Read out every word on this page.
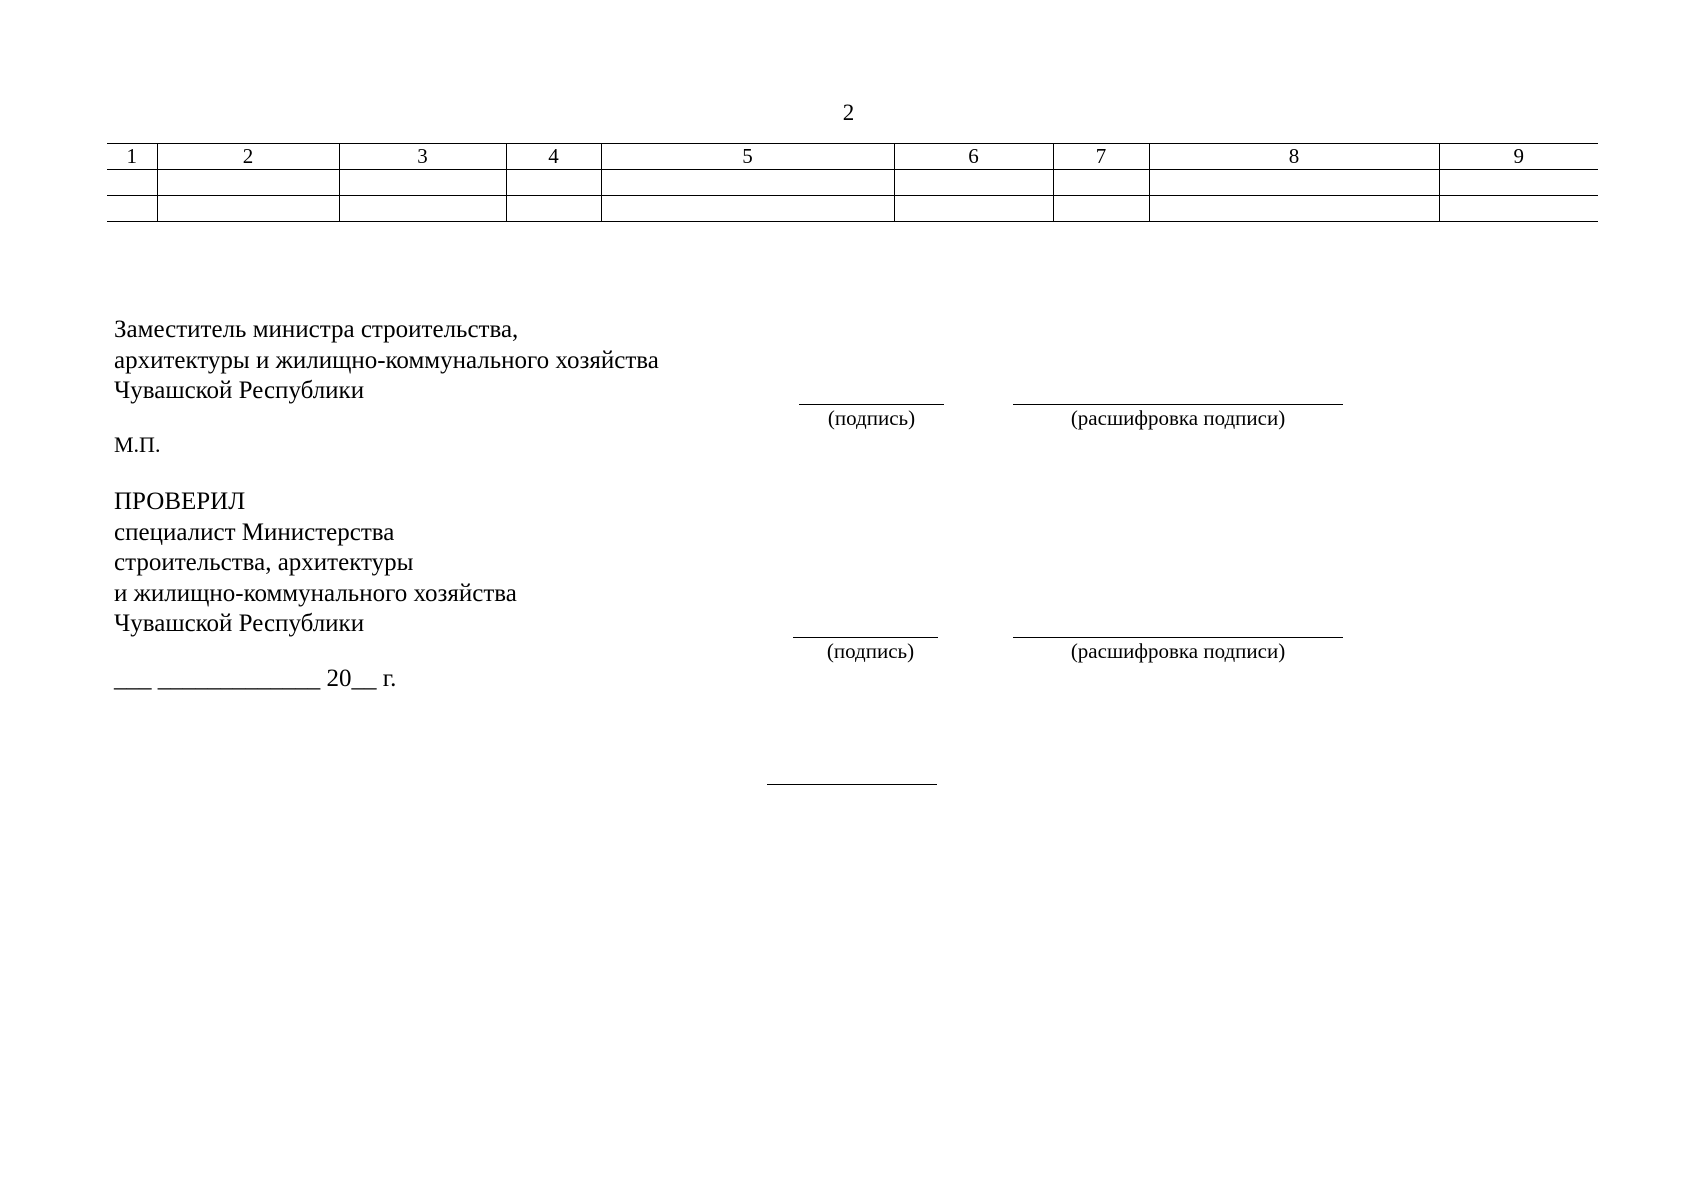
2
1	2	3	4	5	6	7	8	9

Заместитель министра строительства,
архитектуры и жилищно-коммунального хозяйства
Чувашской Республики
(подпись)	(расшифровка подписи)
М.П.
ПРОВЕРИЛ
специалист Министерства
строительства, архитектуры
и жилищно-коммунального хозяйства
Чувашской Республики
(подпись)	(расшифровка подписи)
___ _____________ 20__ г.
